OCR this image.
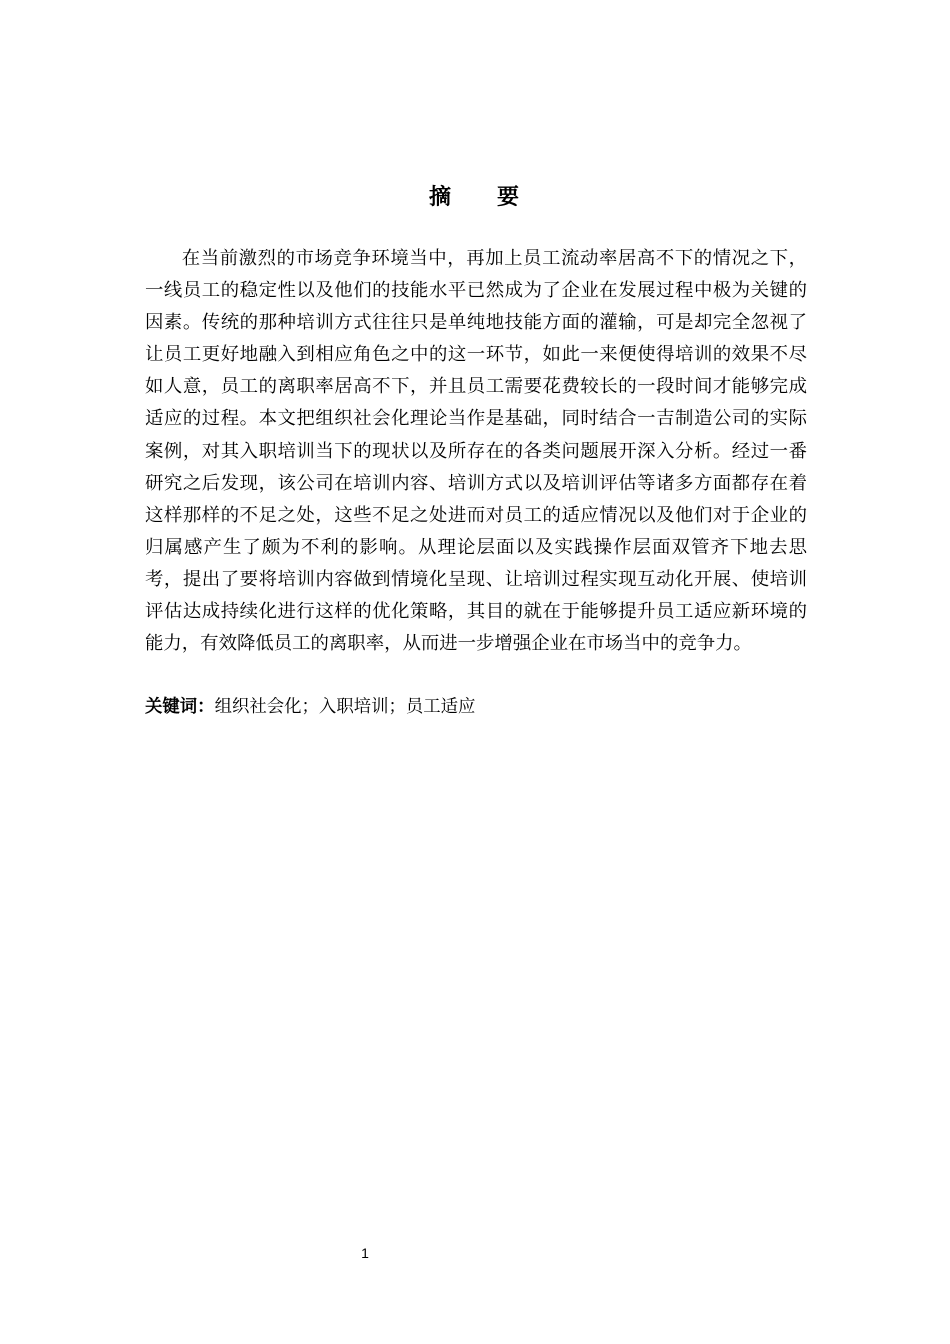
摘 要

在当前激烈的市场竞争环境当中，再加上员工流动率居高不下的情况之下，一线员工的稳定性以及他们的技能水平已然成为了企业在发展过程中极为关键的因素。传统的那种培训方式往往只是单纯地技能方面的灌输，可是却完全忽视了让员工更好地融入到相应角色之中的这一环节，如此一来便使得培训的效果不尽如人意，员工的离职率居高不下，并且员工需要花费较长的一段时间才能够完成适应的过程。本文把组织社会化理论当作是基础，同时结合一吉制造公司的实际案例，对其入职培训当下的现状以及所存在的各类问题展开深入分析。经过一番研究之后发现，该公司在培训内容、培训方式以及培训评估等诸多方面都存在着这样那样的不足之处，这些不足之处进而对员工的适应情况以及他们对于企业的归属感产生了颇为不利的影响。从理论层面以及实践操作层面双管齐下地去思考，提出了要将培训内容做到情境化呈现、让培训过程实现互动化开展、使培训评估达成持续化进行这样的优化策略，其目的就在于能够提升员工适应新环境的能力，有效降低员工的离职率，从而进一步增强企业在市场当中的竞争力。

关键词：组织社会化；入职培训；员工适应

1
